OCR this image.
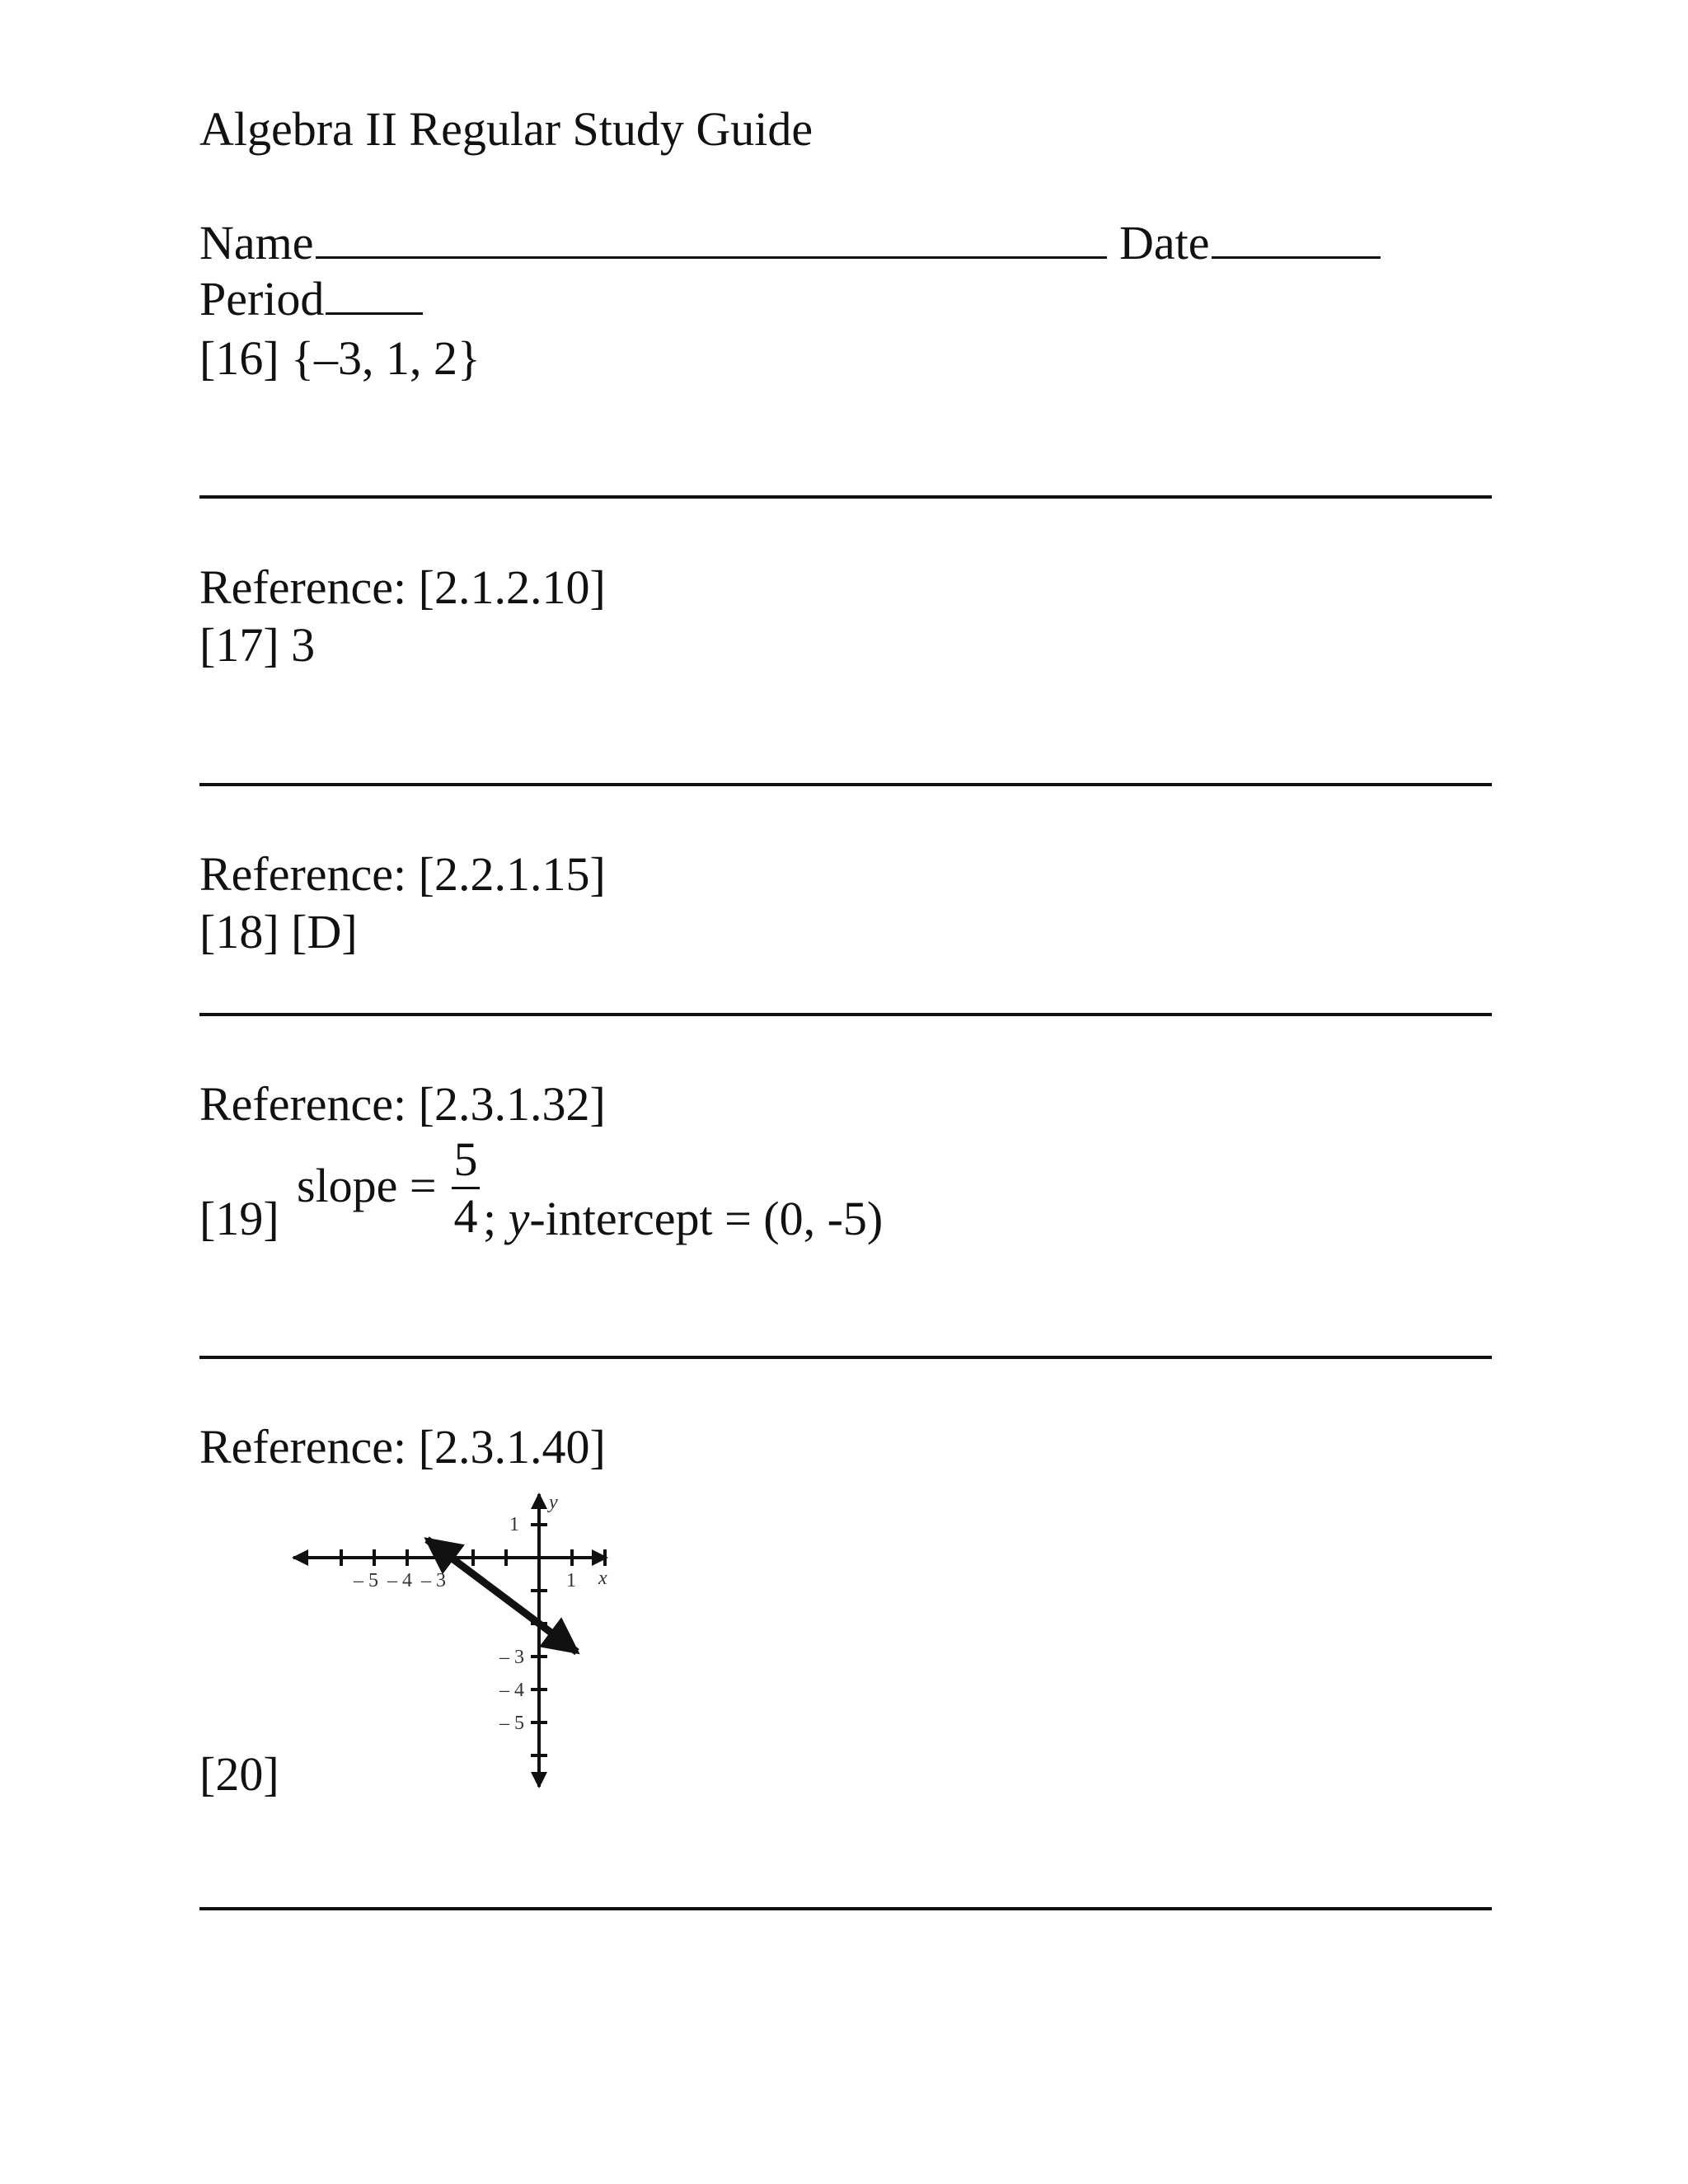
Algebra II Regular Study Guide
Name	Date
Period
[16] {–3, 1, 2}
Reference: [2.1.2.10]
[17] 3
Reference: [2.2.1.15]
[18] [D]
Reference: [2.3.1.32]
[19]
slope = 5
4 ; y-intercept = (0, -5)
Reference: [2.3.1.40]
[20]
– 5 – 4 – 3	1 x
1
– 3
– 4
– 5
y
